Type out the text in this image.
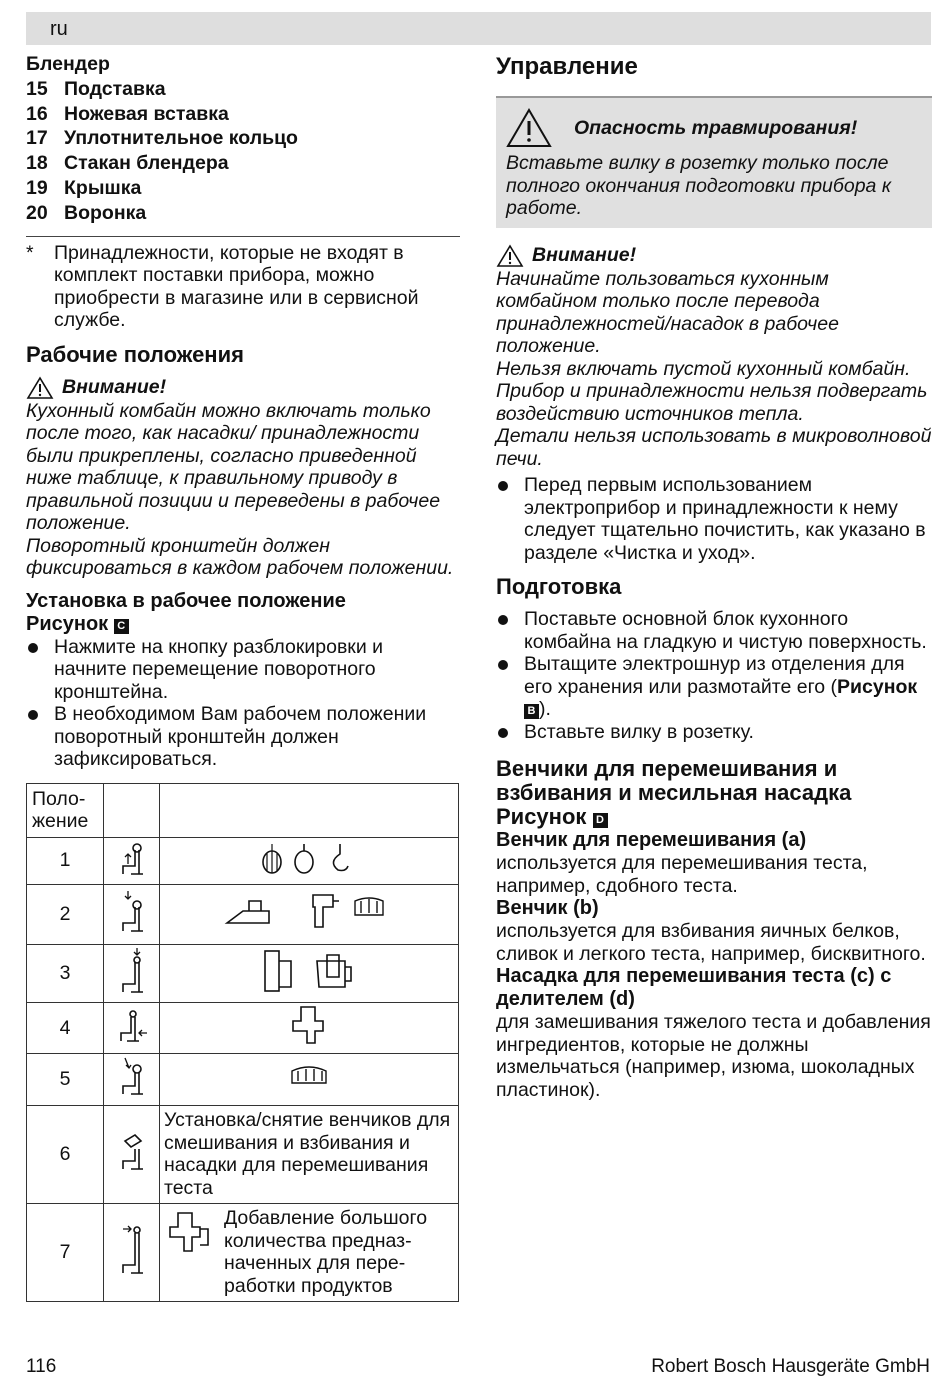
ru
Блендер
15 Подставка
16 Ножевая вставка
17 Уплотнительное кольцо
18 Стакан блендера
19 Крышка
20 Воронка
* Принадлежности, которые не входят в комплект поставки прибора, можно приобрести в магазине или в сервисной службе.
Рабочие положения
Внимание!
Кухонный комбайн можно включать только после того, как насадки/ принадлежности были прикреплены, согласно приведенной ниже таблице, к правильному приводу в правильной позиции и переведены в рабочее положение.
Поворотный кронштейн должен фиксироваться в каждом рабочем положении.
Установка в рабочее положение
Рисунок C
Нажмите на кнопку разблокировки и начните перемещение поворотного кронштейна.
В необходимом Вам рабочем положении поворотный кронштейн должен зафиксироваться.
Положение		
1		
2		
3		
4		
5		
6		Установка/снятие венчиков для смешивания и взбивания и насадки для перемешивания теста
7		Добавление большого количества предназначенных для переработки продуктов
Управление
Опасность травмирования!
Вставьте вилку в розетку только после полного окончания подготовки прибора к работе.
Внимание!
Начинайте пользоваться кухонным комбайном только после перевода принадлежностей/насадок в рабочее положение.
Нельзя включать пустой кухонный комбайн.
Прибор и принадлежности нельзя подвергать воздействию источников тепла.
Детали нельзя использовать в микроволновой печи.
Перед первым использованием электроприбор и принадлежности к нему следует тщательно почистить, как указано в разделе «Чистка и уход».
Подготовка
Поставьте основной блок кухонного комбайна на гладкую и чистую поверхность.
Вытащите электрошнур из отделения для его хранения или размотайте его (Рисунок B ).
Вставьте вилку в розетку.
Венчики для перемешивания и взбивания и месильная насадка
Рисунок D
Венчик для перемешивания (a)
используется для перемешивания теста, например, сдобного теста.
Венчик (b)
используется для взбивания яичных белков, сливок и легкого теста, например, бисквитного.
Насадка для перемешивания теста (c) с делителем (d)
для замешивания тяжелого теста и добавления ингредиентов, которые не должны измельчаться (например, изюма, шоколадных пластинок).
116	Robert Bosch Hausgeräte GmbH
